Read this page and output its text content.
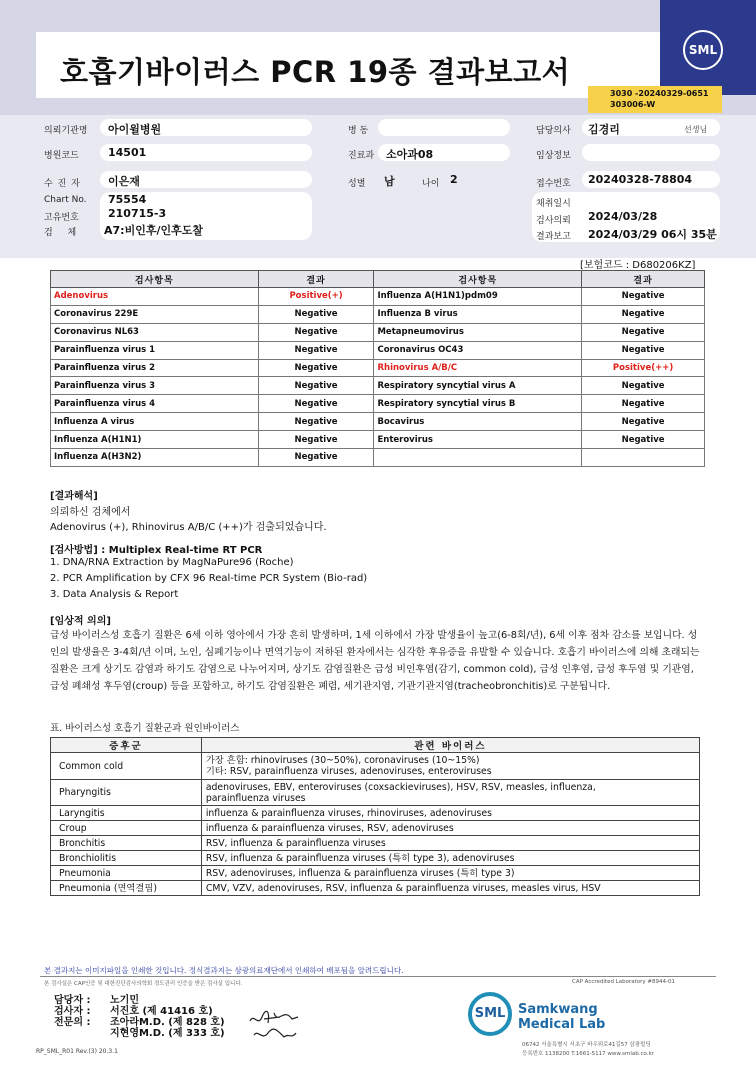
호흡기바이러스 PCR 19종 결과보고서
SML
3030 -20240329-0651
303006-W
의뢰기관명 아이윌병원	병 동	담당의사 김경리	선생님
병원코드	14501	진료과 소아과08	임상정보
수 진 자 이은재	성별 남	나이 2	접수번호 20240328-78804
Chart No. 75554
고유번호	210715-3
검 체	A7:비인후/인후도찰
채취일시
검사의뢰 2024/03/28
결과보고 2024/03/29 06시 35분
[보험코드 : D680206KZ]
검사항목	결과	검사항목	결과
Adenovirus	Positive(+)	Influenza A(H1N1)pdm09	Negative
Coronavirus 229E	Negative	Influenza B virus	Negative
Coronavirus NL63	Negative	Metapneumovirus	Negative
Parainfluenza virus 1	Negative	Coronavirus OC43	Negative
Parainfluenza virus 2	Negative	Rhinovirus A/B/C	Positive(++)
Parainfluenza virus 3	Negative	Respiratory syncytial virus A	Negative
Parainfluenza virus 4	Negative	Respiratory syncytial virus B	Negative
Influenza A virus	Negative	Bocavirus	Negative
Influenza A(H1N1)	Negative	Enterovirus	Negative
Influenza A(H3N2)	Negative		
[결과해석]
의뢰하신 검체에서
Adenovirus (+), Rhinovirus A/B/C (++)가 검출되었습니다.
[검사방법] : Multiplex Real-time RT PCR
1. DNA/RNA Extraction by MagNaPure96 (Roche)
2. PCR Amplification by CFX 96 Real-time PCR System (Bio-rad)
3. Data Analysis & Report
[임상적 의의]
급성 바이러스성 호흡기 질환은 6세 이하 영아에서 가장 흔히 발생하며, 1세 이하에서 가장 발생율이 높고(6-8회/년), 6세 이후 점차 감소를 보입니다. 성인의 발생율은 3-4회/년 이며, 노인, 심폐기능이나 면역기능이 저하된 환자에서는 심각한 후유증을 유발할 수 있습니다. 호흡기 바이러스에 의해 초래되는 질환은 크게 상기도 감염과 하기도 감염으로 나누어지며, 상기도 감염질환은 급성 비인후염(감기, common cold), 급성 인후염, 급성 후두염 및 기관염, 급성 폐쇄성 후두염(croup) 등을 포함하고, 하기도 감염질환은 폐렴, 세기관지염, 기관기관지염(tracheobronchitis)로 구분됩니다.
표. 바이러스성 호흡기 질환군과 원인바이러스
증후군	관련 바이러스
Common cold	가장 흔함: rhinoviruses (30~50%), coronaviruses (10~15%)
기타: RSV, parainfluenza viruses, adenoviruses, enteroviruses

Pharyngitis	adenoviruses, EBV, enteroviruses (coxsackieviruses), HSV, RSV, measles, influenza,
parainfluenza viruses

Laryngitis	influenza & parainfluenza viruses, rhinoviruses, adenoviruses
Croup	influenza & parainfluenza viruses, RSV, adenoviruses
Bronchitis	RSV, influenza & parainfluenza viruses
Bronchiolitis	RSV, influenza & parainfluenza viruses (특히 type 3), adenoviruses
Pneumonia	RSV, adenoviruses, influenza & parainfluenza viruses (특히 type 3)
Pneumonia (면역결핍)	CMV, VZV, adenoviruses, RSV, influenza & parainfluenza viruses, measles virus, HSV
본 결과지는 이미지파일을 인쇄한 것입니다. 정식결과지는 삼광의료재단에서 인쇄하여 배포됨을 알려드립니다.
본 검사실은 CAP인증 및 대한진단검사의학회 정도관리 인증을 받은 검사실 입니다.	CAP Accredited Laboratory #8944-01
담당자 : 노기민
검사자 : 서진호 (제 41416 호)
전문의 : 조아라M.D. (제 828 호)
지현영M.D. (제 333 호)
SML Samkwang
Medical Lab
06742 서울특별시 서초구 바우뫼로41길57 삼광빌딩
등록번호 1138200 T.1661-5117 www.smlab.co.kr
RP_SML_R01 Rev.(3) 20.3.1
